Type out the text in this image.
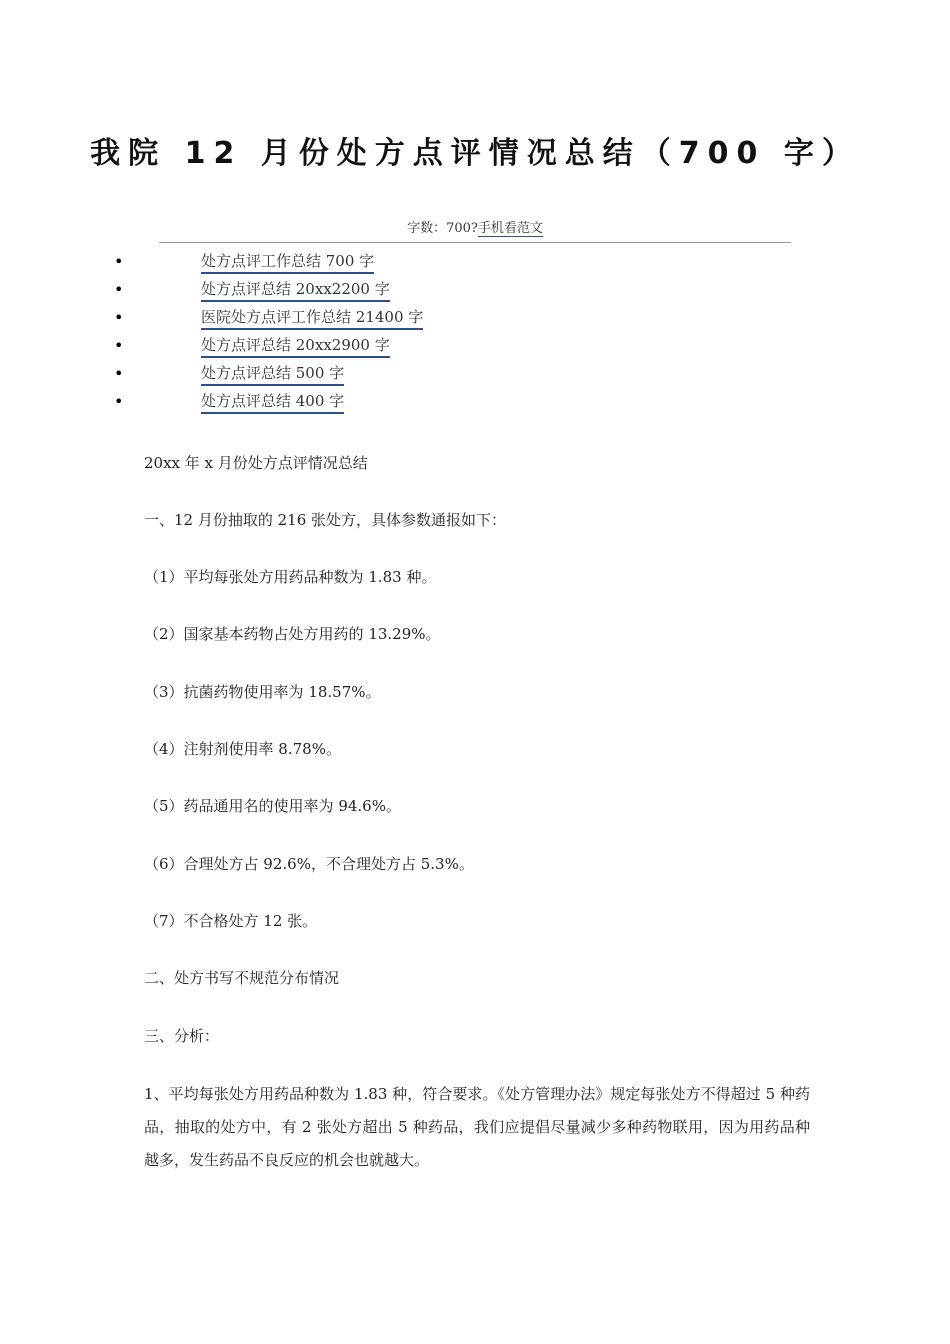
我院 12 月份处方点评情况总结（700 字）
字数：700?手机看范文
•	处方点评工作总结 700 字
•	处方点评总结 20xx2200 字
•	医院处方点评工作总结 21400 字
•	处方点评总结 20xx2900 字
•	处方点评总结 500 字
•	处方点评总结 400 字
20xx 年 x 月份处方点评情况总结
一、12 月份抽取的 216 张处方，具体参数通报如下：
（1）平均每张处方用药品种数为 1.83 种。
（2）国家基本药物占处方用药的 13.29%。
（3）抗菌药物使用率为 18.57%。
（4）注射剂使用率 8.78%。
（5）药品通用名的使用率为 94.6%。
（6）合理处方占 92.6%，不合理处方占 5.3%。
（7）不合格处方 12 张。
二、处方书写不规范分布情况
三、分析：
1、平均每张处方用药品种数为 1.83 种，符合要求。《处方管理办法》规定每张处方不得超过 5 种药品，抽取的处方中，有 2 张处方超出 5 种药品，我们应提倡尽量减少多种药物联用，因为用药品种越多，发生药品不良反应的机会也就越大。
